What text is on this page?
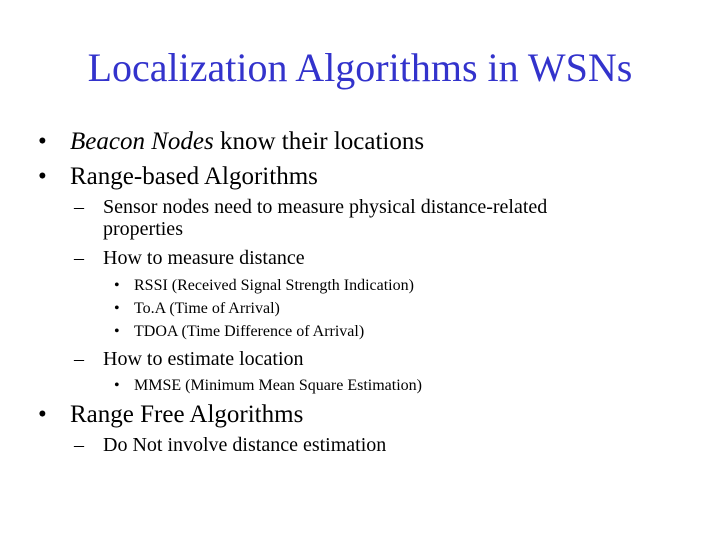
Localization Algorithms in WSNs
• Beacon Nodes know their locations
• Range-based Algorithms
– Sensor nodes need to measure physical distance-related
properties
– How to measure distance
• RSSI (Received Signal Strength Indication)
• To.A (Time of Arrival)
• TDOA (Time Difference of Arrival)
– How to estimate location
• MMSE (Minimum Mean Square Estimation)
• Range Free Algorithms
– Do Not involve distance estimation
